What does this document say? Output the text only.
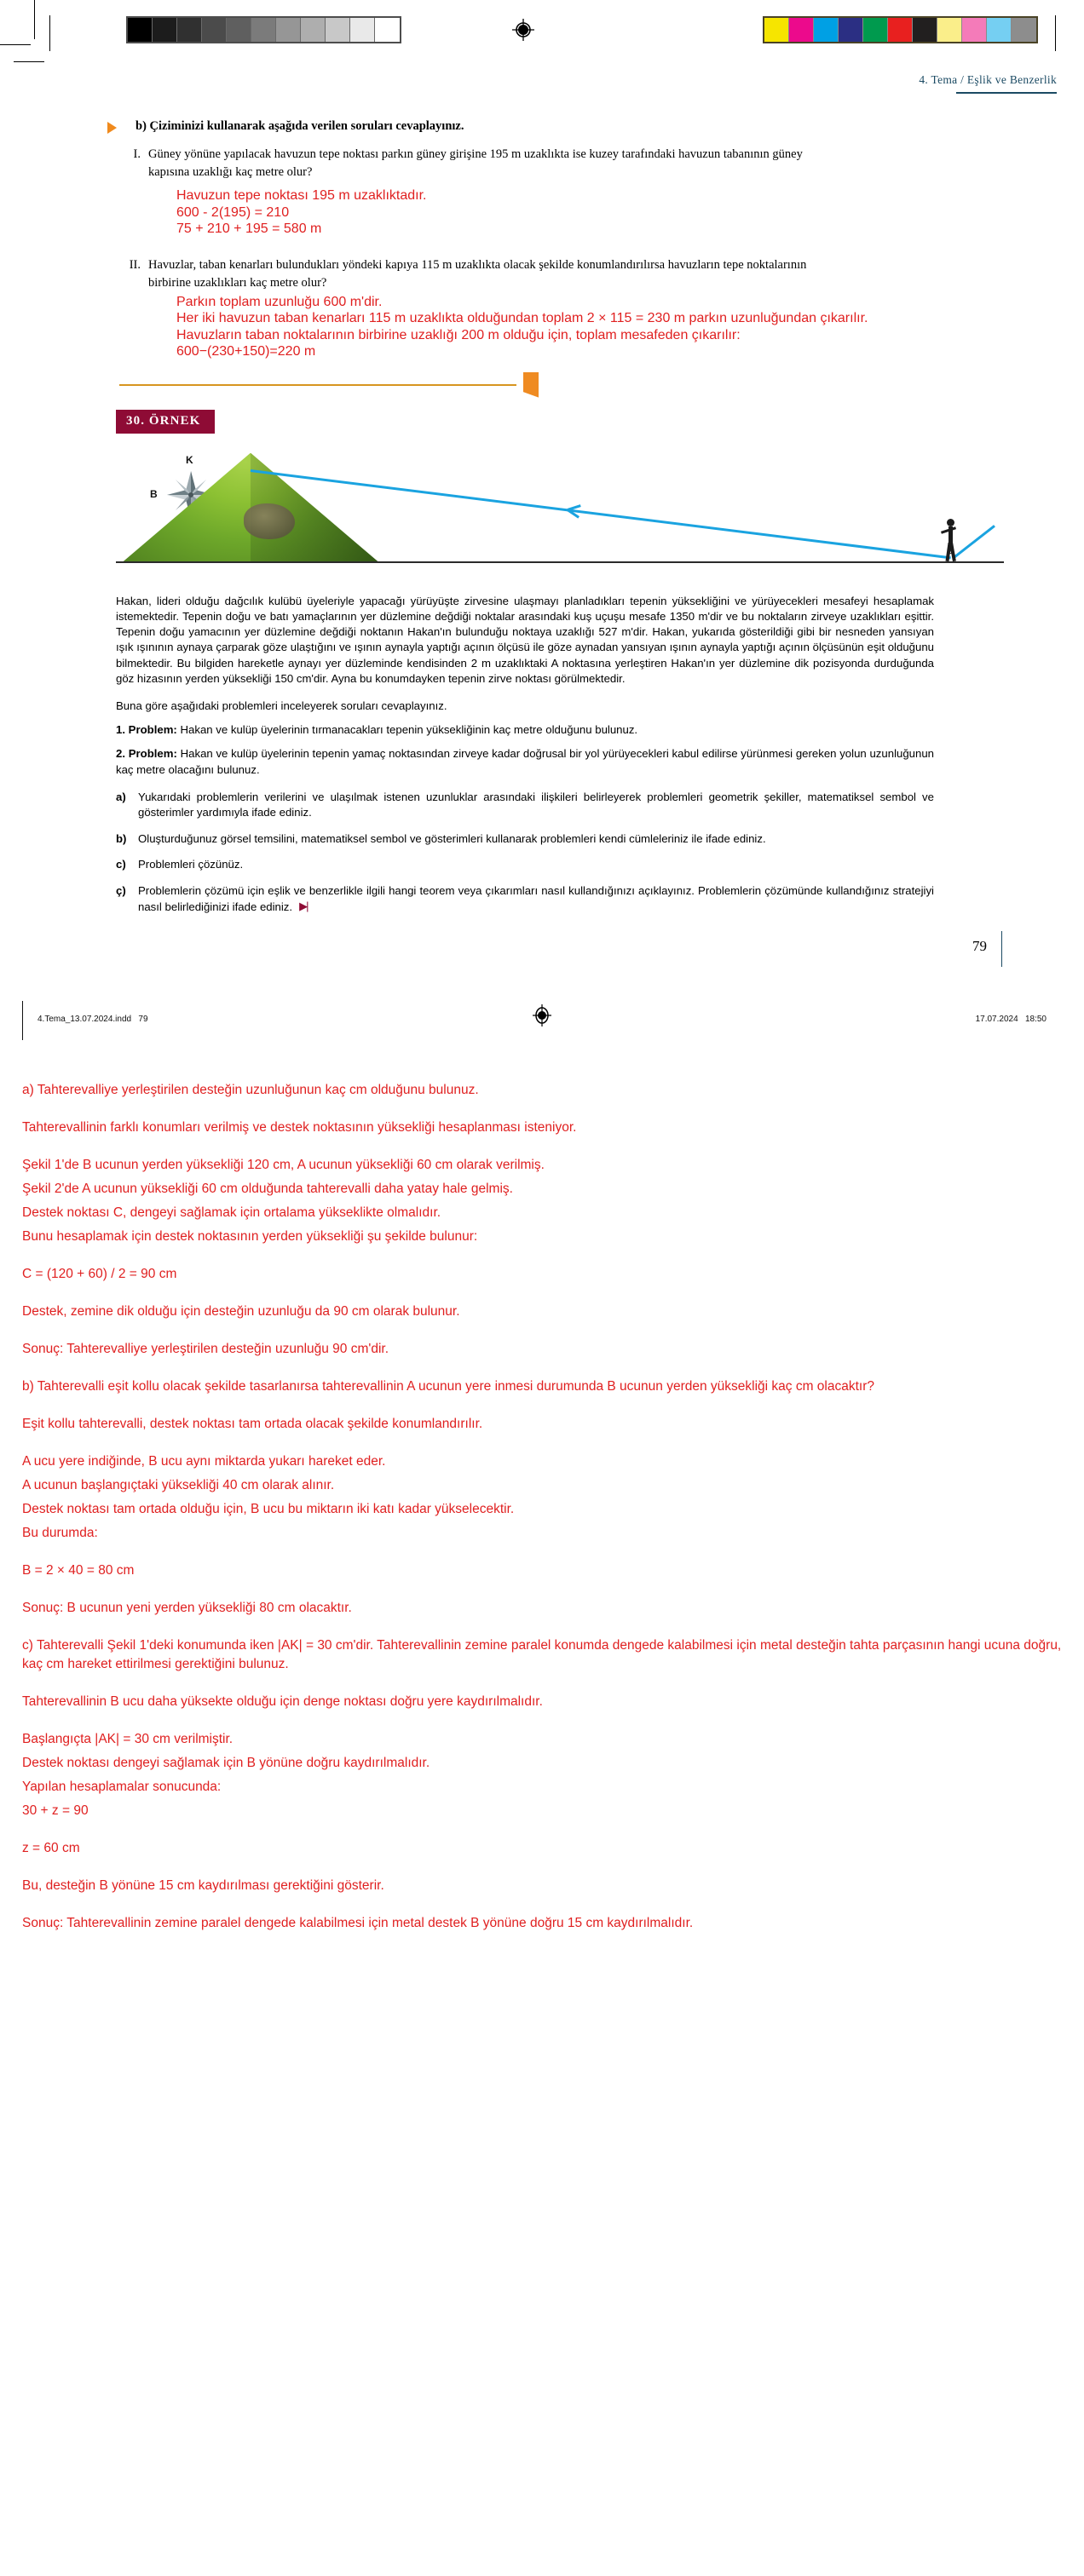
4. Tema / Eşlik ve Benzerlik
b) Çiziminizi kullanarak aşağıda verilen soruları cevaplayınız.
I. Güney yönüne yapılacak havuzun tepe noktası parkın güney girişine 195 m uzaklıkta ise kuzey tarafındaki havuzun tabanının güney kapısına uzaklığı kaç metre olur?
Havuzun tepe noktası 195 m uzaklıktadır.
600 - 2(195) = 210
75 + 210 + 195 = 580 m
II. Havuzlar, taban kenarları bulundukları yöndeki kapıya 115 m uzaklıkta olacak şekilde konumlandırılırsa havuzların tepe noktalarının birbirine uzaklıkları kaç metre olur?
Parkın toplam uzunluğu 600 m'dir.
Her iki havuzun taban kenarları 115 m uzaklıkta olduğundan toplam 2 × 115 = 230 m parkın uzunluğundan çıkarılır.
Havuzların taban noktalarının birbirine uzaklığı 200 m olduğu için, toplam mesafeden çıkarılır:
600−(230+150)=220 m
30. ÖRNEK
K
B
Hakan, lideri olduğu dağcılık kulübü üyeleriyle yapacağı yürüyüşte zirvesine ulaşmayı planladıkları tepenin yüksekliğini ve yürüyecekleri mesafeyi hesaplamak istemektedir. Tepenin doğu ve batı yamaçlarının yer düzlemine değdiği noktalar arasındaki kuş uçuşu mesafe 1350 m'dir ve bu noktaların zirveye uzaklıkları eşittir. Tepenin doğu yamacının yer düzlemine değdiği noktanın Hakan'ın bulunduğu noktaya uzaklığı 527 m'dir. Hakan, yukarıda gösterildiği gibi bir nesneden yansıyan ışık ışınının aynaya çarparak göze ulaştığını ve ışının aynayla yaptığı açının ölçüsü ile göze aynadan yansıyan ışının aynayla yaptığı açının ölçüsünün eşit olduğunu bilmektedir. Bu bilgiden hareketle aynayı yer düzleminde kendisinden 2 m uzaklıktaki A noktasına yerleştiren Hakan'ın yer düzlemine dik pozisyonda durduğunda göz hizasının yerden yüksekliği 150 cm'dir. Ayna bu konumdayken tepenin zirve noktası görülmektedir.
Buna göre aşağıdaki problemleri inceleyerek soruları cevaplayınız.
1. Problem: Hakan ve kulüp üyelerinin tırmanacakları tepenin yüksekliğinin kaç metre olduğunu bulunuz.
2. Problem: Hakan ve kulüp üyelerinin tepenin yamaç noktasından zirveye kadar doğrusal bir yol yürüyecekleri kabul edilirse yürünmesi gereken yolun uzunluğunun kaç metre olacağını bulunuz.
a)	Yukarıdaki problemlerin verilerini ve ulaşılmak istenen uzunluklar arasındaki ilişkileri belirleyerek problemleri geometrik şekiller, matematiksel sembol ve gösterimler yardımıyla ifade ediniz.
b)	Oluşturduğunuz görsel temsilini, matematiksel sembol ve gösterimleri kullanarak problemleri kendi cümleleriniz ile ifade ediniz.
c)	Problemleri çözünüz.
ç)	Problemlerin çözümü için eşlik ve benzerlikle ilgili hangi teorem veya çıkarımları nasıl kullandığınızı açıklayınız. Problemlerin çözümünde kullandığınız stratejiyi nasıl belirlediğinizi ifade ediniz. ▶|
79
4.Tema_13.07.2024.indd   79	17.07.2024   18:50

a) Tahterevalliye yerleştirilen desteğin uzunluğunun kaç cm olduğunu bulunuz.

Tahterevallinin farklı konumları verilmiş ve destek noktasının yüksekliği hesaplanması isteniyor.

Şekil 1'de B ucunun yerden yüksekliği 120 cm, A ucunun yüksekliği 60 cm olarak verilmiş.

Şekil 2'de A ucunun yüksekliği 60 cm olduğunda tahterevalli daha yatay hale gelmiş.

Destek noktası C, dengeyi sağlamak için ortalama yükseklikte olmalıdır.

Bunu hesaplamak için destek noktasının yerden yüksekliği şu şekilde bulunur:

C = (120 + 60) / 2 = 90 cm

Destek, zemine dik olduğu için desteğin uzunluğu da 90 cm olarak bulunur.

Sonuç: Tahterevalliye yerleştirilen desteğin uzunluğu 90 cm'dir.

b) Tahterevalli eşit kollu olacak şekilde tasarlanırsa tahterevallinin A ucunun yere inmesi durumunda B ucunun yerden yüksekliği kaç cm olacaktır?

Eşit kollu tahterevalli, destek noktası tam ortada olacak şekilde konumlandırılır.

A ucu yere indiğinde, B ucu aynı miktarda yukarı hareket eder.

A ucunun başlangıçtaki yüksekliği 40 cm olarak alınır.

Destek noktası tam ortada olduğu için, B ucu bu miktarın iki katı kadar yükselecektir.

Bu durumda:

B = 2 × 40 = 80 cm

Sonuç: B ucunun yeni yerden yüksekliği 80 cm olacaktır.

c) Tahterevalli Şekil 1'deki konumunda iken |AK| = 30 cm'dir. Tahterevallinin zemine paralel konumda dengede kalabilmesi için metal desteğin tahta parçasının hangi ucuna doğru, kaç cm hareket ettirilmesi gerektiğini bulunuz.

Tahterevallinin B ucu daha yüksekte olduğu için denge noktası doğru yere kaydırılmalıdır.

Başlangıçta |AK| = 30 cm verilmiştir.

Destek noktası dengeyi sağlamak için B yönüne doğru kaydırılmalıdır.

Yapılan hesaplamalar sonucunda:

30 + z = 90

z = 60 cm

Bu, desteğin B yönüne 15 cm kaydırılması gerektiğini gösterir.

Sonuç: Tahterevallinin zemine paralel dengede kalabilmesi için metal destek B yönüne doğru 15 cm kaydırılmalıdır.
